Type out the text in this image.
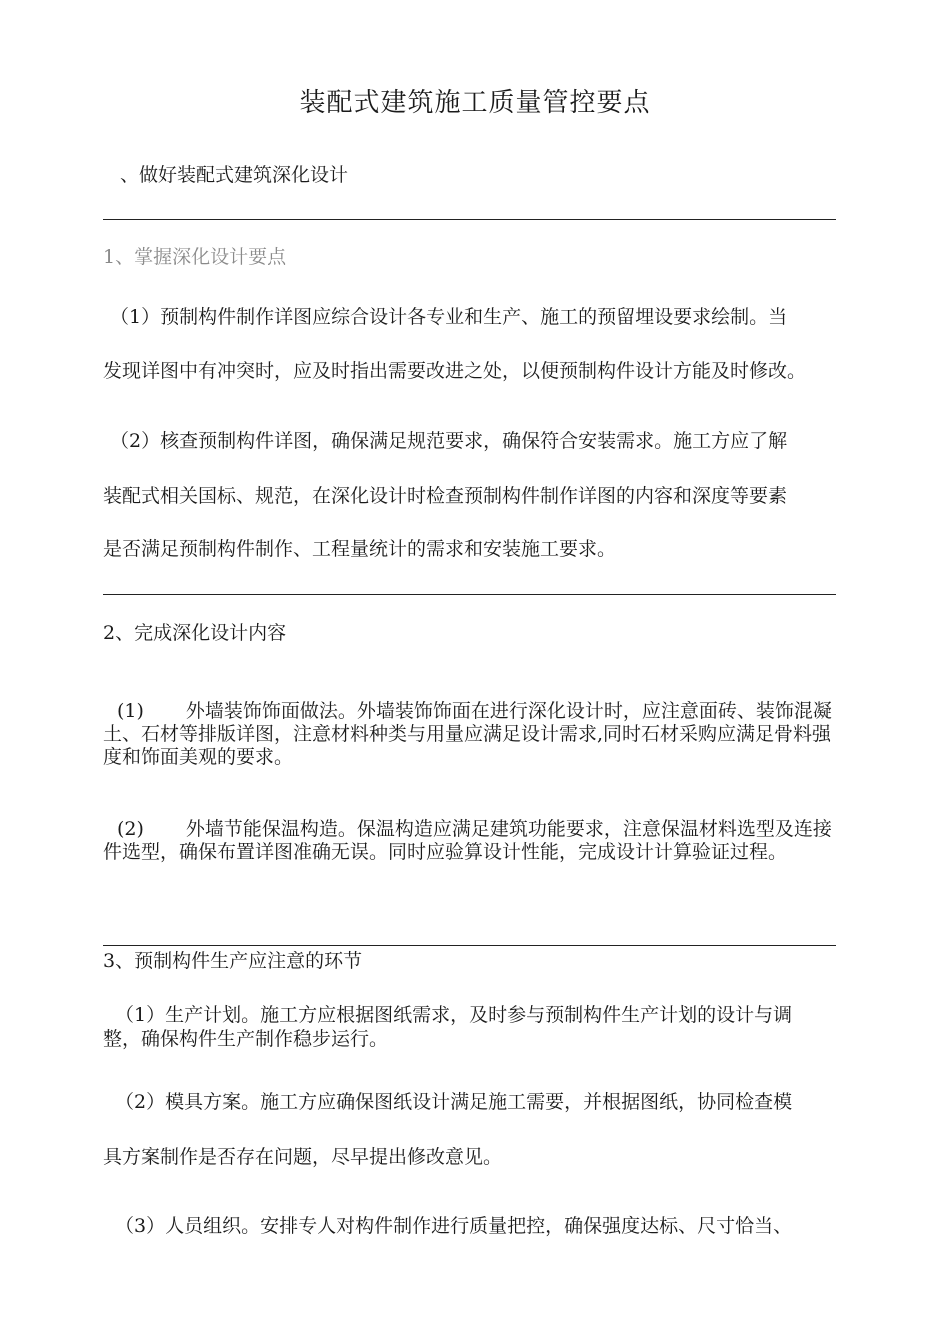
装配式建筑施工质量管控要点
、做好装配式建筑深化设计
1、掌握深化设计要点
（1）预制构件制作详图应综合设计各专业和生产、施工的预留埋设要求绘制。当
发现详图中有冲突时，应及时指出需要改进之处，以便预制构件设计方能及时修改。
（2）核查预制构件详图，确保满足规范要求，确保符合安装需求。施工方应了解
装配式相关国标、规范，在深化设计时检查预制构件制作详图的内容和深度等要素
是否满足预制构件制作、工程量统计的需求和安装施工要求。
2、完成深化设计内容
(1) 外墙装饰饰面做法。外墙装饰饰面在进行深化设计时，应注意面砖、装饰混凝土、石材等排版详图，注意材料种类与用量应满足设计需求,同时石材采购应满足骨料强度和饰面美观的要求。
(2) 外墙节能保温构造。保温构造应满足建筑功能要求，注意保温材料选型及连接件选型，确保布置详图准确无误。同时应验算设计性能，完成设计计算验证过程。
3、预制构件生产应注意的环节
（1）生产计划。施工方应根据图纸需求，及时参与预制构件生产计划的设计与调
整，确保构件生产制作稳步运行。
（2）模具方案。施工方应确保图纸设计满足施工需要，并根据图纸，协同检查模
具方案制作是否存在问题，尽早提出修改意见。
（3）人员组织。安排专人对构件制作进行质量把控，确保强度达标、尺寸恰当、
